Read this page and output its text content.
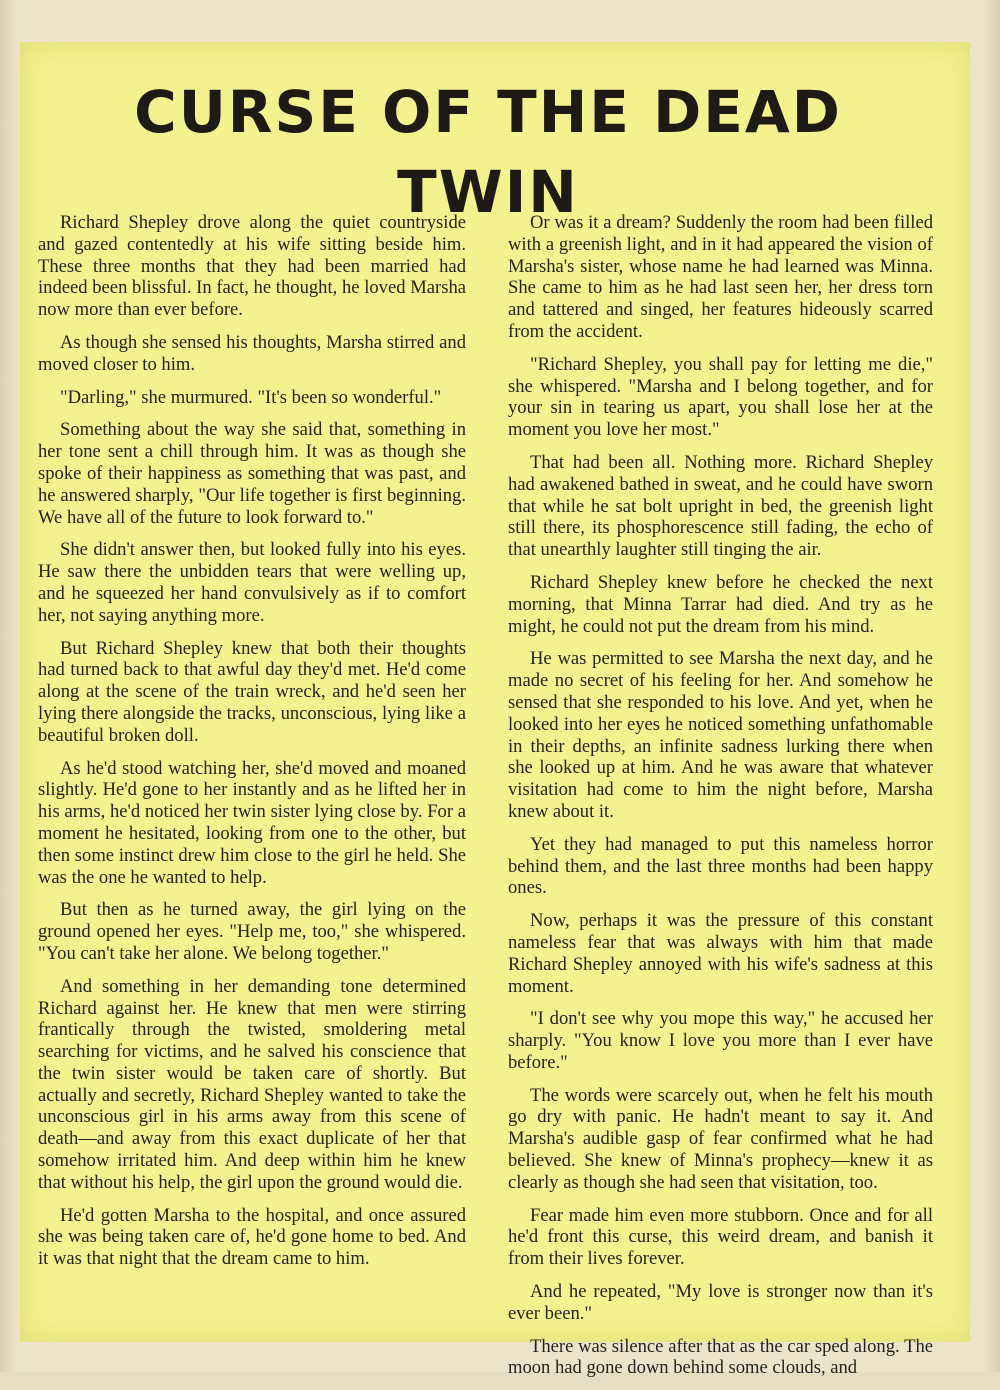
CURSE OF THE DEAD TWIN

Richard Shepley drove along the quiet countryside and gazed contentedly at his wife sitting beside him. These three months that they had been married had indeed been blissful. In fact, he thought, he loved Marsha now more than ever before.

As though she sensed his thoughts, Marsha stirred and moved closer to him.

"Darling," she murmured. "It's been so wonderful."

Something about the way she said that, something in her tone sent a chill through him. It was as though she spoke of their happiness as something that was past, and he answered sharply, "Our life together is first beginning. We have all of the future to look forward to."

She didn't answer then, but looked fully into his eyes. He saw there the unbidden tears that were welling up, and he squeezed her hand convulsively as if to comfort her, not saying anything more.

But Richard Shepley knew that both their thoughts had turned back to that awful day they'd met. He'd come along at the scene of the train wreck, and he'd seen her lying there alongside the tracks, unconscious, lying like a beautiful broken doll.

As he'd stood watching her, she'd moved and moaned slightly. He'd gone to her instantly and as he lifted her in his arms, he'd noticed her twin sister lying close by. For a moment he hesitated, looking from one to the other, but then some instinct drew him close to the girl he held. She was the one he wanted to help.

But then as he turned away, the girl lying on the ground opened her eyes. "Help me, too," she whispered. "You can't take her alone. We belong together."

And something in her demanding tone determined Richard against her. He knew that men were stirring frantically through the twisted, smoldering metal searching for victims, and he salved his conscience that the twin sister would be taken care of shortly. But actually and secretly, Richard Shepley wanted to take the unconscious girl in his arms away from this scene of death—and away from this exact duplicate of her that somehow irritated him. And deep within him he knew that without his help, the girl upon the ground would die.

He'd gotten Marsha to the hospital, and once assured she was being taken care of, he'd gone home to bed. And it was that night that the dream came to him.

Or was it a dream? Suddenly the room had been filled with a greenish light, and in it had appeared the vision of Marsha's sister, whose name he had learned was Minna. She came to him as he had last seen her, her dress torn and tattered and singed, her features hideously scarred from the accident.

"Richard Shepley, you shall pay for letting me die," she whispered. "Marsha and I belong together, and for your sin in tearing us apart, you shall lose her at the moment you love her most."

That had been all. Nothing more. Richard Shepley had awakened bathed in sweat, and he could have sworn that while he sat bolt upright in bed, the greenish light still there, its phosphorescence still fading, the echo of that unearthly laughter still tinging the air.

Richard Shepley knew before he checked the next morning, that Minna Tarrar had died. And try as he might, he could not put the dream from his mind.

He was permitted to see Marsha the next day, and he made no secret of his feeling for her. And somehow he sensed that she responded to his love. And yet, when he looked into her eyes he noticed something unfathomable in their depths, an infinite sadness lurking there when she looked up at him. And he was aware that whatever visitation had come to him the night before, Marsha knew about it.

Yet they had managed to put this nameless horror behind them, and the last three months had been happy ones.

Now, perhaps it was the pressure of this constant nameless fear that was always with him that made Richard Shepley annoyed with his wife's sadness at this moment.

"I don't see why you mope this way," he accused her sharply. "You know I love you more than I ever have before."

The words were scarcely out, when he felt his mouth go dry with panic. He hadn't meant to say it. And Marsha's audible gasp of fear confirmed what he had believed. She knew of Minna's prophecy—knew it as clearly as though she had seen that visitation, too.

Fear made him even more stubborn. Once and for all he'd front this curse, this weird dream, and banish it from their lives forever.

And he repeated, "My love is stronger now than it's ever been."

There was silence after that as the car sped along. The moon had gone down behind some clouds, and
